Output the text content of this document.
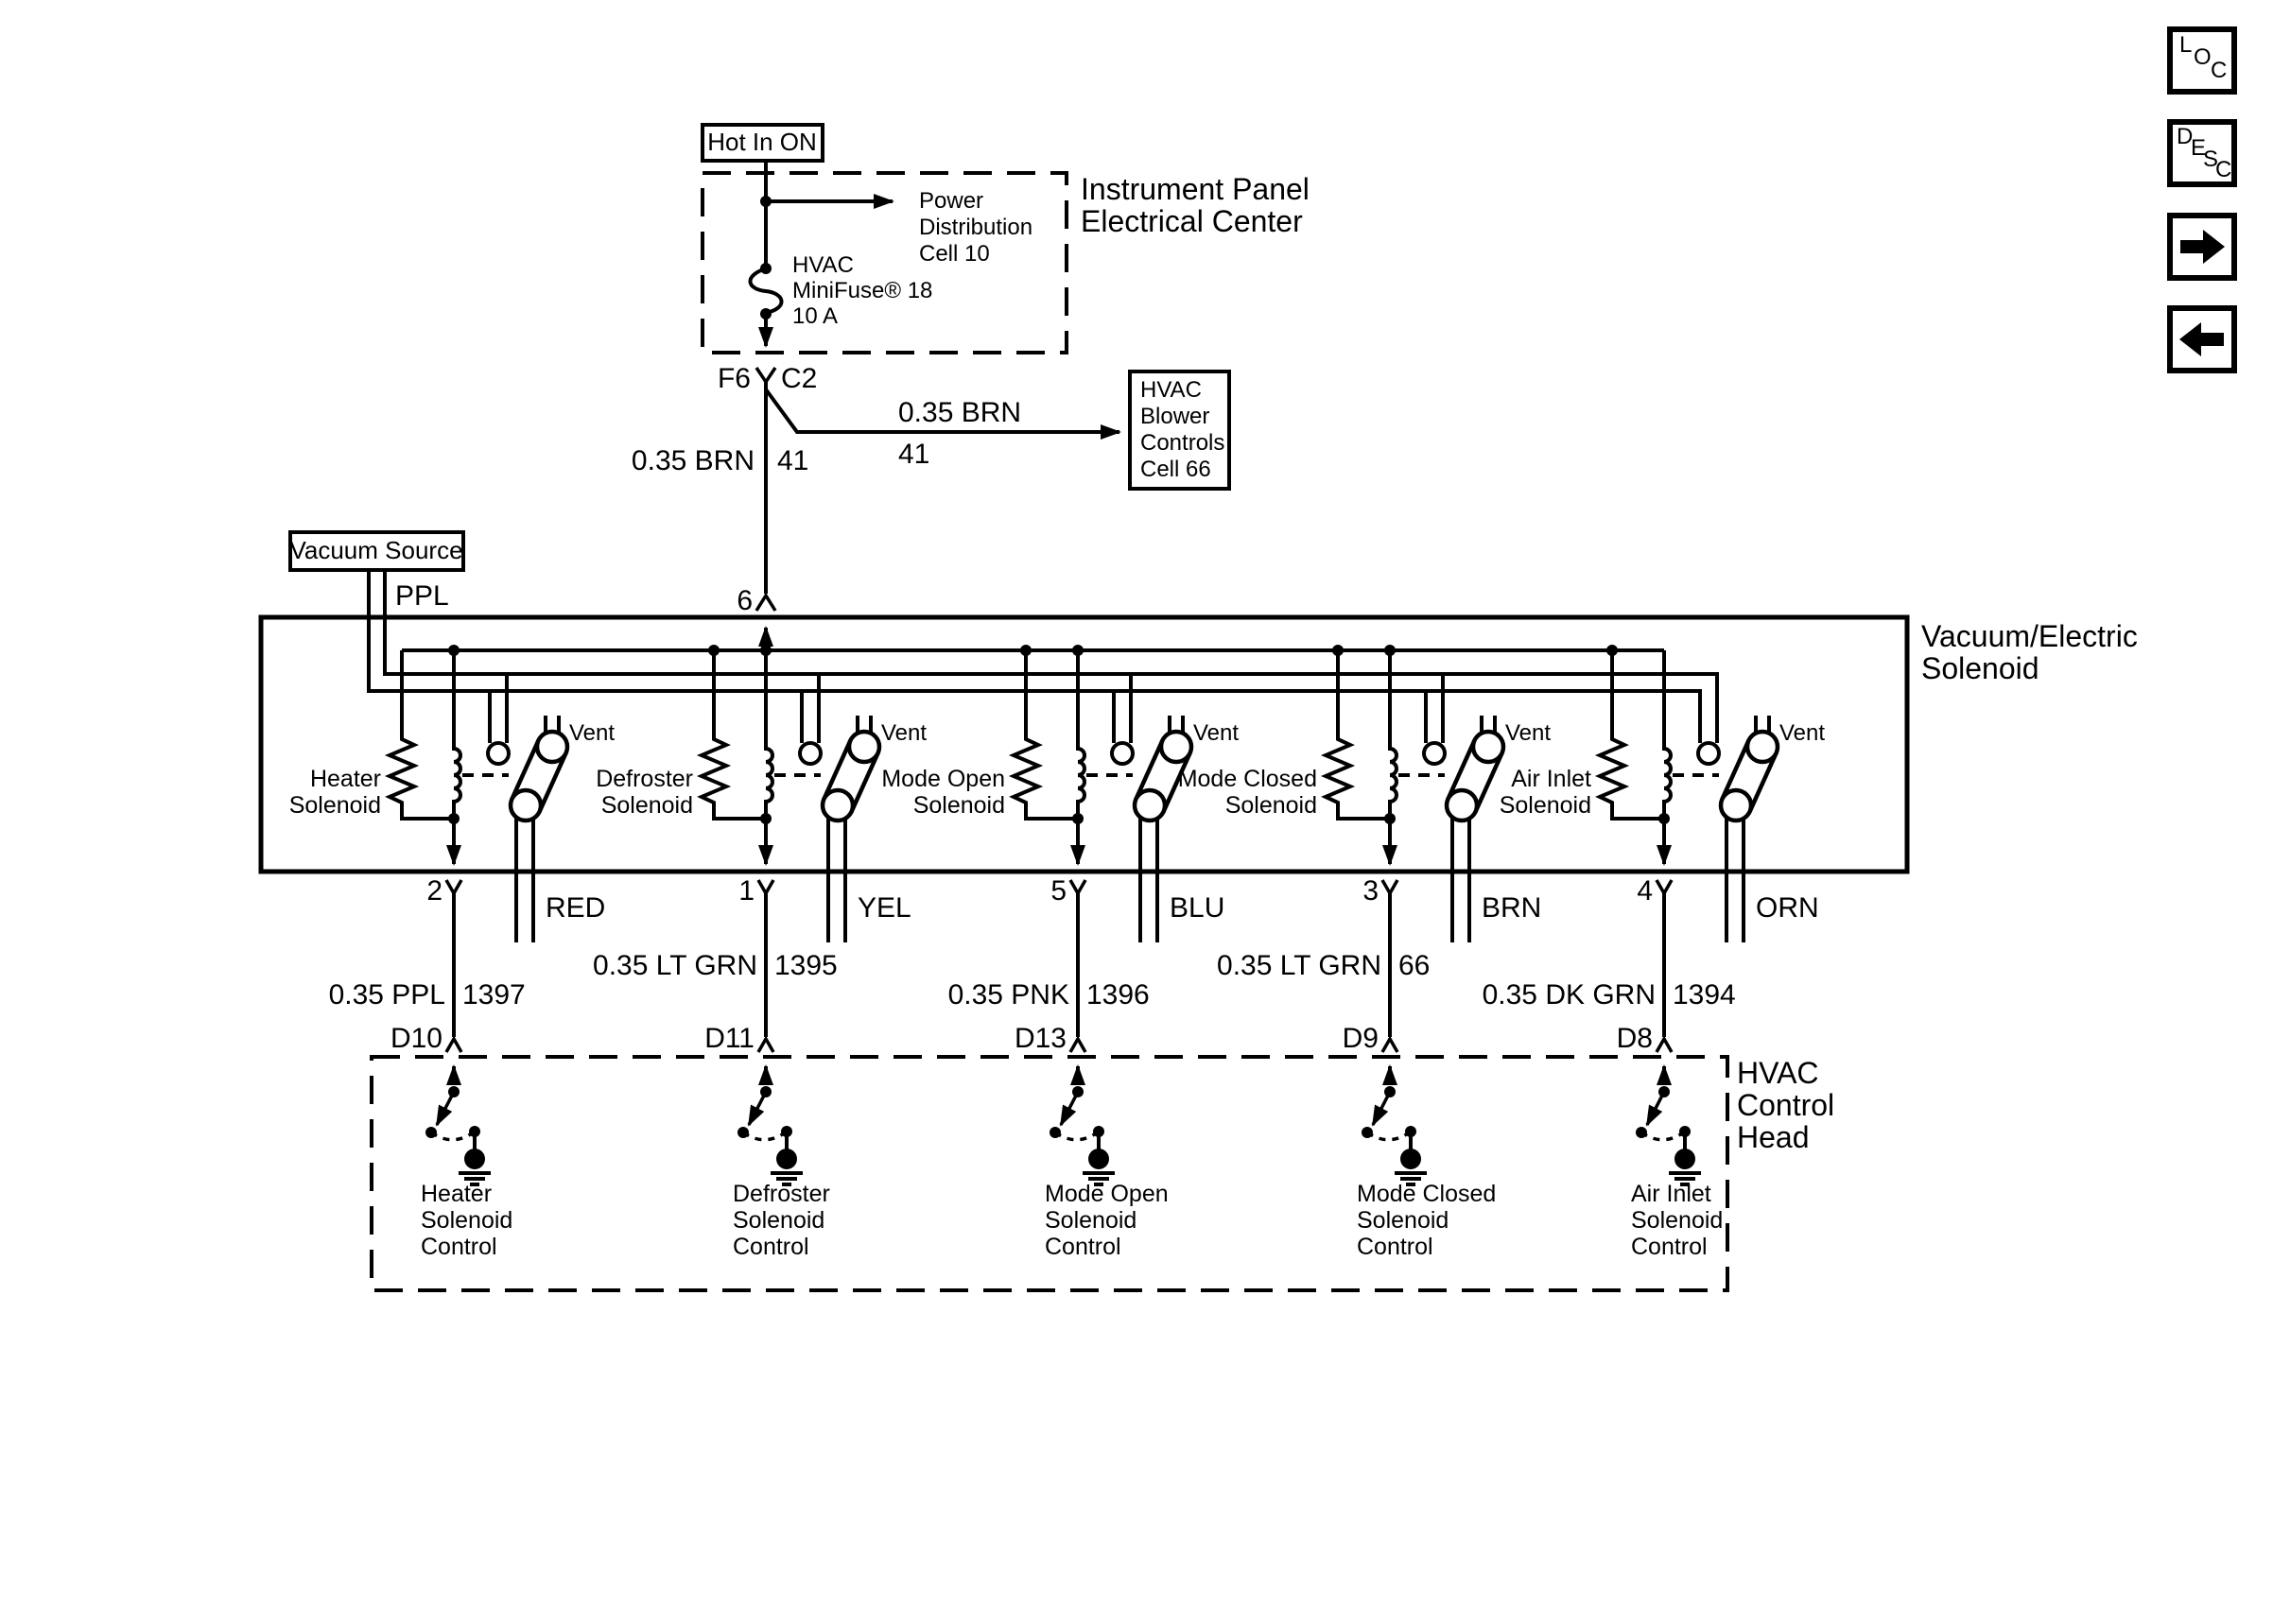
Hot In ON
Instrument Panel
Electrical Center
Power
Distribution
Cell 10
HVAC
MiniFuse® 18
10 A
F6 C2
0.35 BRN
41
0.35 BRN 41
HVAC
Blower
Controls
Cell 66
6
Vacuum Source
PPL
Vacuum/Electric
Solenoid
HVAC
Control
Head
Heater
Solenoid
Vent
2
RED
0.35 PPL 1397
D10
Heater
Solenoid
Control
Defroster
Solenoid
Vent
1
YEL
0.35 LT GRN 1395
D11
Defroster
Solenoid
Control
Mode Open
Solenoid
Vent
5
BLU
0.35 PNK 1396
D13
Mode Open
Solenoid
Control
Mode Closed
Solenoid
Vent
3
BRN
0.35 LT GRN 66
D9
Mode Closed
Solenoid
Control
Air Inlet
Solenoid
Vent
4
ORN
0.35 DK GRN 1394
D8
Air Inlet
Solenoid
Control
L O
C
D
E
S
C
